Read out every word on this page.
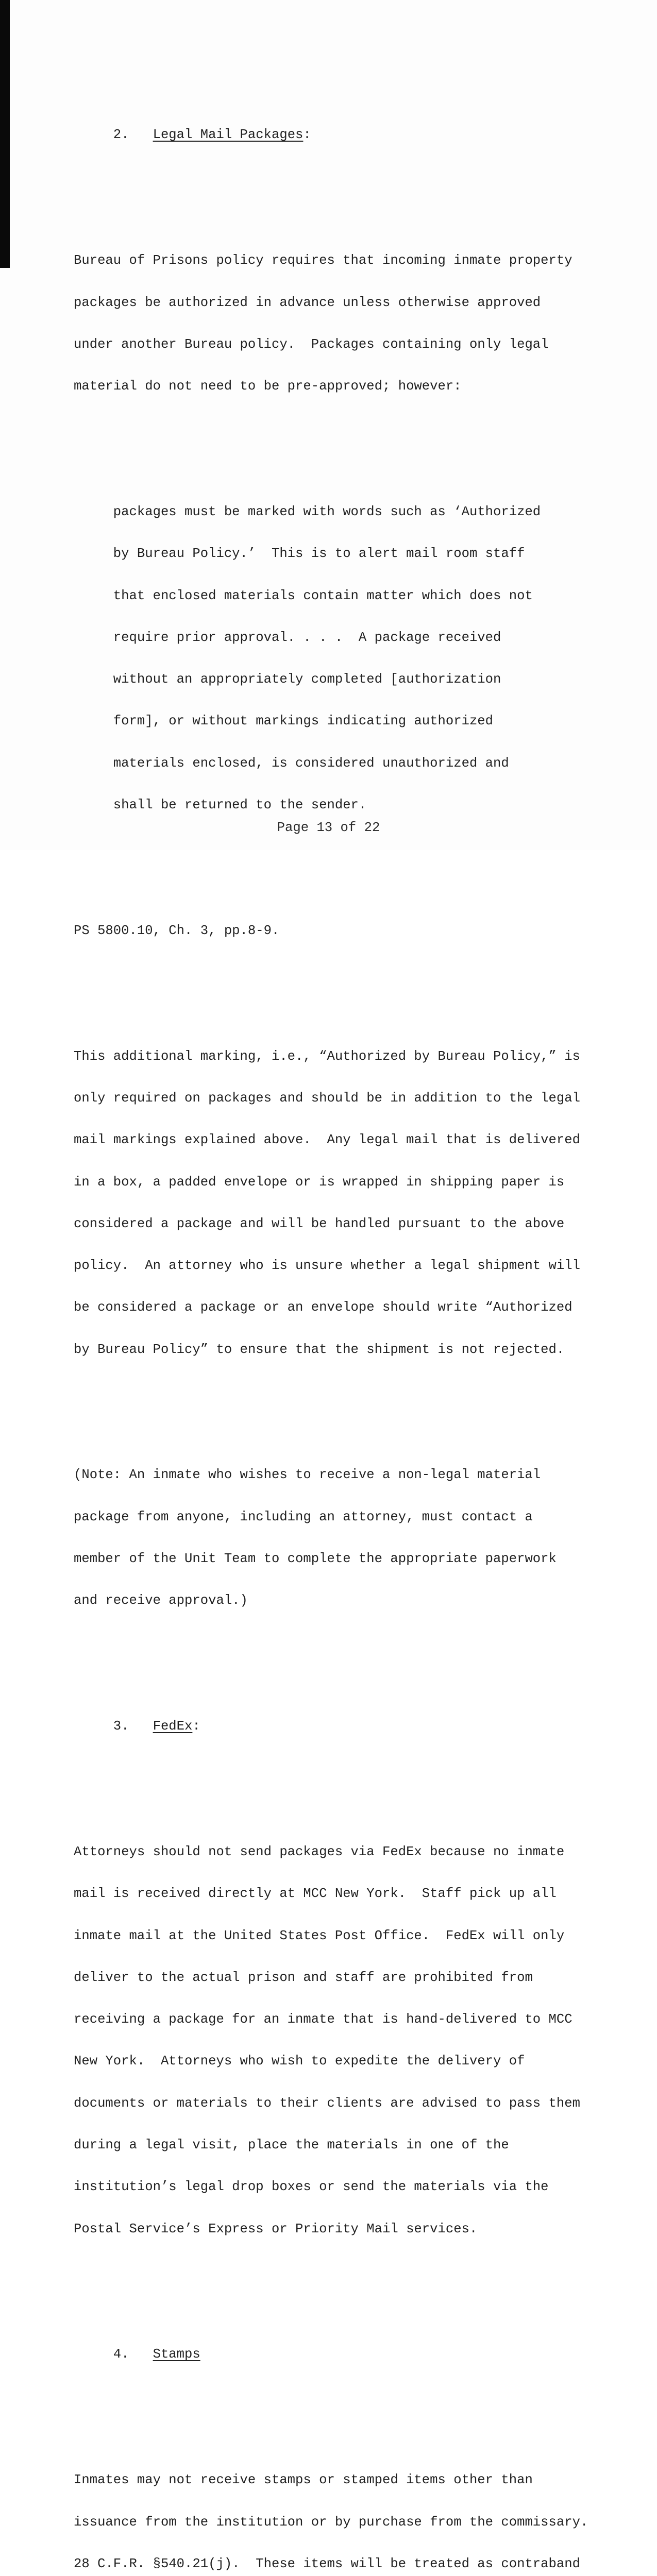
2. Legal Mail Packages:

Bureau of Prisons policy requires that incoming inmate property

packages be authorized in advance unless otherwise approved

under another Bureau policy.  Packages containing only legal

material do not need to be pre-approved; however:

packages must be marked with words such as ‘Authorized

by Bureau Policy.’  This is to alert mail room staff

that enclosed materials contain matter which does not

require prior approval. . . .  A package received

without an appropriately completed [authorization

form], or without markings indicating authorized

materials enclosed, is considered unauthorized and

shall be returned to the sender.

PS 5800.10, Ch. 3, pp.8-9.

This additional marking, i.e., “Authorized by Bureau Policy,” is

only required on packages and should be in addition to the legal

mail markings explained above.  Any legal mail that is delivered

in a box, a padded envelope or is wrapped in shipping paper is

considered a package and will be handled pursuant to the above

policy.  An attorney who is unsure whether a legal shipment will

be considered a package or an envelope should write “Authorized

by Bureau Policy” to ensure that the shipment is not rejected.

(Note: An inmate who wishes to receive a non-legal material

package from anyone, including an attorney, must contact a

member of the Unit Team to complete the appropriate paperwork

and receive approval.)

3. FedEx:

Attorneys should not send packages via FedEx because no inmate

mail is received directly at MCC New York.  Staff pick up all

inmate mail at the United States Post Office.  FedEx will only

deliver to the actual prison and staff are prohibited from

receiving a package for an inmate that is hand-delivered to MCC

New York.  Attorneys who wish to expedite the delivery of

documents or materials to their clients are advised to pass them

during a legal visit, place the materials in one of the

institution’s legal drop boxes or send the materials via the

Postal Service’s Express or Priority Mail services.

4. Stamps

Inmates may not receive stamps or stamped items other than

issuance from the institution or by purchase from the commissary.

28 C.F.R. §540.21(j).  These items will be treated as contraband

Page 13 of 22
